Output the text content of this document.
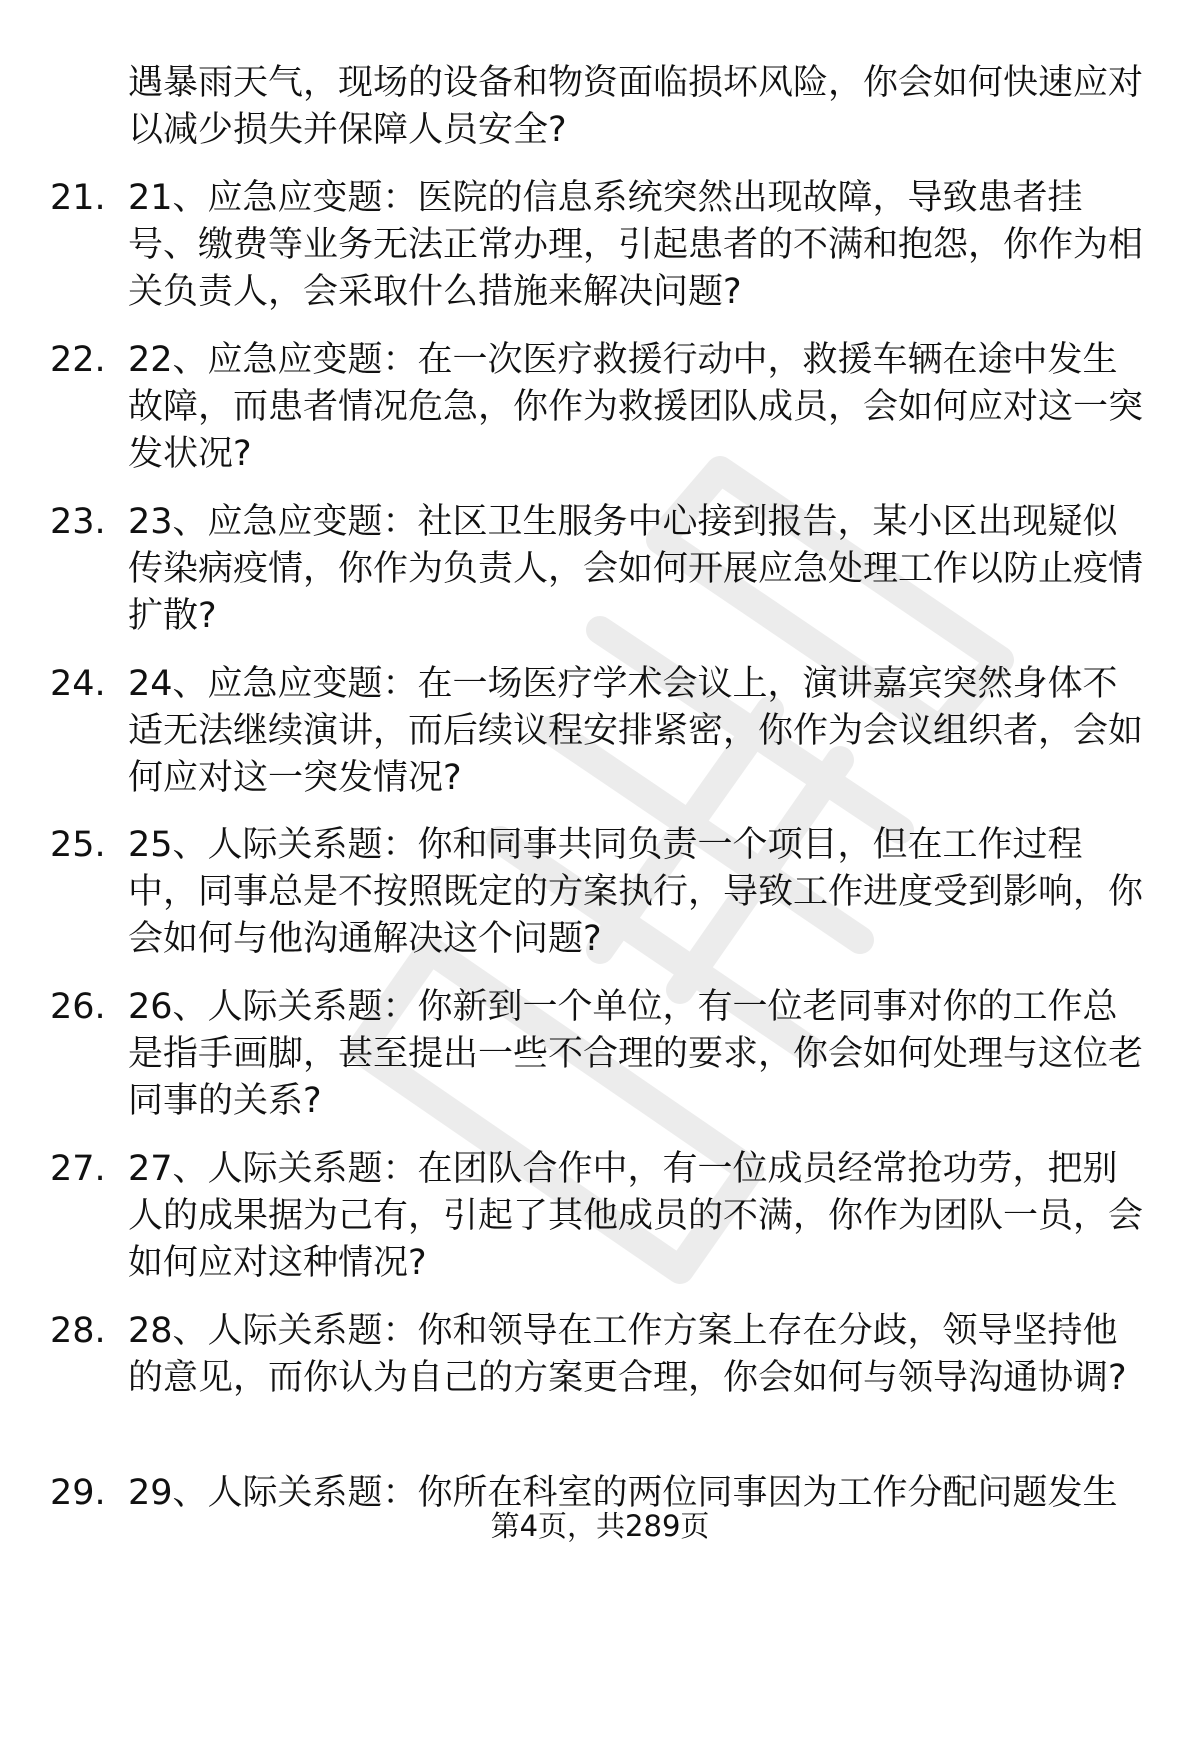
遇暴雨天气，现场的设备和物资面临损坏风险，你会如何快速应对以减少损失并保障人员安全?
21. 21、应急应变题：医院的信息系统突然出现故障，导致患者挂号、缴费等业务无法正常办理，引起患者的不满和抱怨，你作为相关负责人，会采取什么措施来解决问题?
22. 22、应急应变题：在一次医疗救援行动中，救援车辆在途中发生故障，而患者情况危急，你作为救援团队成员，会如何应对这一突发状况?
23. 23、应急应变题：社区卫生服务中心接到报告，某小区出现疑似传染病疫情，你作为负责人，会如何开展应急处理工作以防止疫情扩散?
24. 24、应急应变题：在一场医疗学术会议上，演讲嘉宾突然身体不适无法继续演讲，而后续议程安排紧密，你作为会议组织者，会如何应对这一突发情况?
25. 25、人际关系题：你和同事共同负责一个项目，但在工作过程中，同事总是不按照既定的方案执行，导致工作进度受到影响，你会如何与他沟通解决这个问题?
26. 26、人际关系题：你新到一个单位，有一位老同事对你的工作总是指手画脚，甚至提出一些不合理的要求，你会如何处理与这位老同事的关系?
27. 27、人际关系题：在团队合作中，有一位成员经常抢功劳，把别人的成果据为己有，引起了其他成员的不满，你作为团队一员，会如何应对这种情况?
28. 28、人际关系题：你和领导在工作方案上存在分歧，领导坚持他的意见，而你认为自己的方案更合理，你会如何与领导沟通协调?
29. 29、人际关系题：你所在科室的两位同事因为工作分配问题发生
第4页，共289页
